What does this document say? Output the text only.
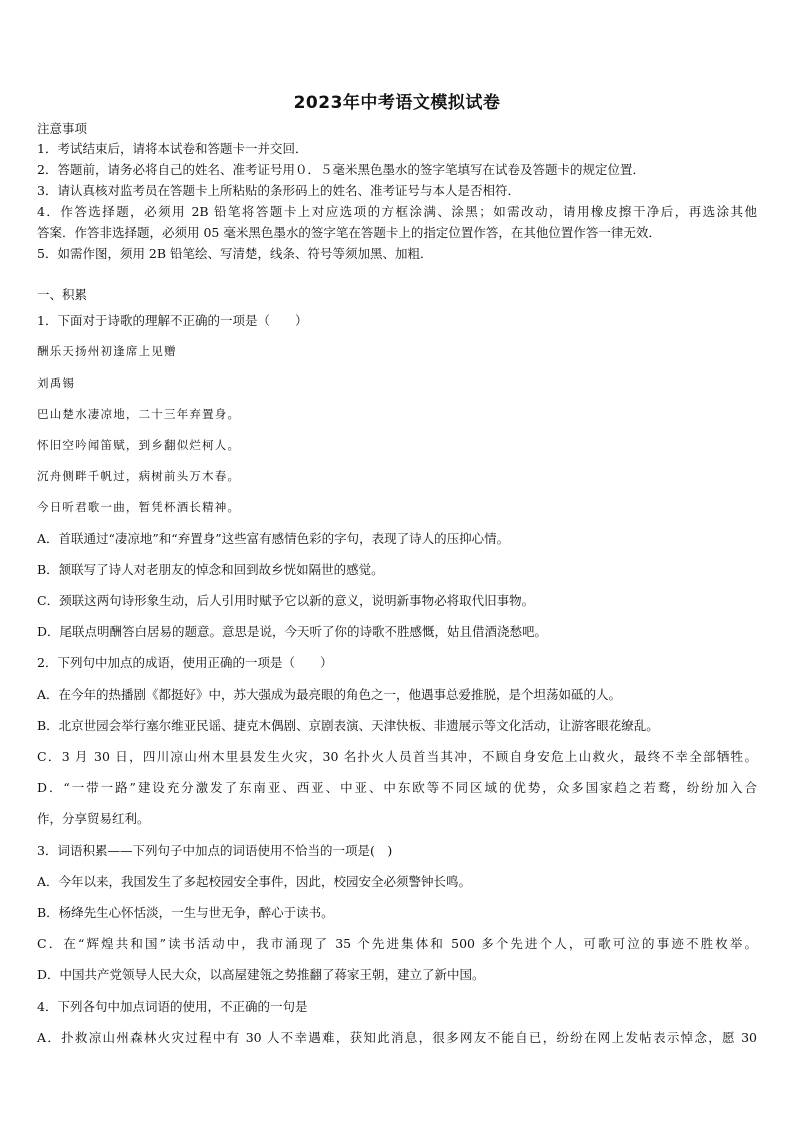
2023年中考语文模拟试卷
注意事项
1．考试结束后，请将本试卷和答题卡一并交回．
2．答题前，请务必将自己的姓名、准考证号用０．５毫米黑色墨水的签字笔填写在试卷及答题卡的规定位置．
3．请认真核对监考员在答题卡上所粘贴的条形码上的姓名、准考证号与本人是否相符．
4．作答选择题，必须用 2B 铅笔将答题卡上对应选项的方框涂满、涂黑；如需改动，请用橡皮擦干净后，再选涂其他
答案．作答非选择题，必须用 05 毫米黑色墨水的签字笔在答题卡上的指定位置作答，在其他位置作答一律无效．
5．如需作图，须用 2B 铅笔绘、写清楚，线条、符号等须加黑、加粗．
一、积累
1．下面对于诗歌的理解不正确的一项是（　　）
酬乐天扬州初逢席上见赠
刘禹锡
巴山楚水凄凉地，二十三年弃置身。
怀旧空吟闻笛赋，到乡翻似烂柯人。
沉舟侧畔千帆过，病树前头万木春。
今日听君歌一曲，暂凭杯酒长精神。
A．首联通过“凄凉地”和“弃置身”这些富有感情色彩的字句，表现了诗人的压抑心情。
B．颔联写了诗人对老朋友的悼念和回到故乡恍如隔世的感觉。
C．颈联这两句诗形象生动，后人引用时赋予它以新的意义，说明新事物必将取代旧事物。
D．尾联点明酬答白居易的题意。意思是说，今天听了你的诗歌不胜感慨，姑且借酒浇愁吧。
2．下列句中加点的成语，使用正确的一项是（　　）
A．在今年的热播剧《都挺好》中，苏大强成为最亮眼的角色之一，他遇事总爱推脱，是个坦荡如砥的人。
B．北京世园会举行塞尔维亚民谣、捷克木偶剧、京剧表演、天津快板、非遗展示等文化活动，让游客眼花缭乱。
C．3 月 30 日，四川凉山州木里县发生火灾，30 名扑火人员首当其冲，不顾自身安危上山救火，最终不幸全部牺牲。
D．“一带一路”建设充分激发了东南亚、西亚、中亚、中东欧等不同区域的优势，众多国家趋之若鹜，纷纷加入合
作，分享贸易红利。
3．词语积累——下列句子中加点的词语使用不恰当的一项是(　)
A．今年以来，我国发生了多起校园安全事件，因此，校园安全必须警钟长鸣。
B．杨绛先生心怀恬淡，一生与世无争，醉心于读书。
C．在“辉煌共和国”读书活动中，我市涌现了 35 个先进集体和 500 多个先进个人，可歌可泣的事迹不胜枚举。
D．中国共产党领导人民大众，以高屋建瓴之势推翻了蒋家王朝，建立了新中国。
4．下列各句中加点词语的使用，不正确的一句是
A．扑救凉山州森林火灾过程中有 30 人不幸遇难，获知此消息，很多网友不能自已，纷纷在网上发帖表示悼念，愿 30
